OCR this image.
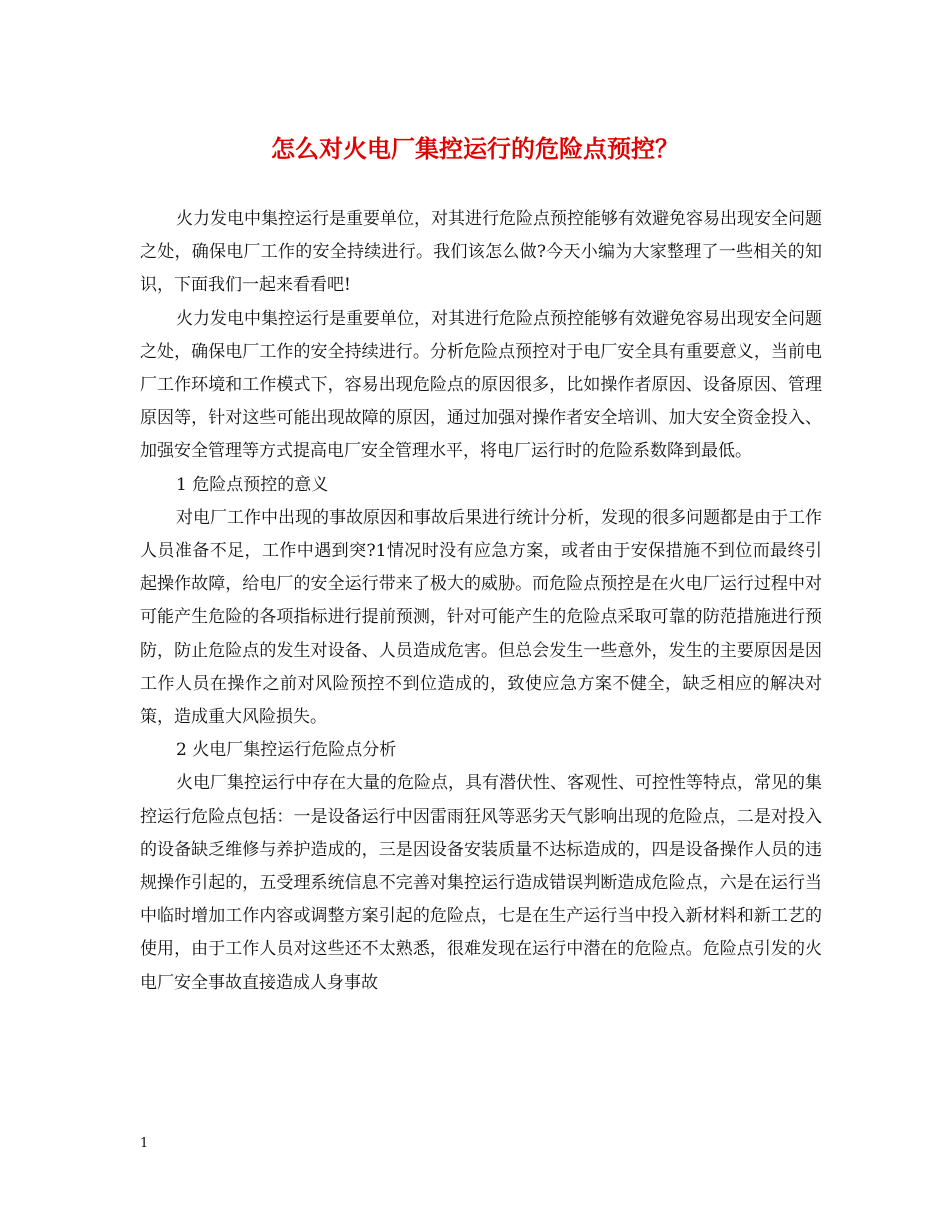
怎么对火电厂集控运行的危险点预控？

火力发电中集控运行是重要单位，对其进行危险点预控能够有效避免容易出现安全问题之处，确保电厂工作的安全持续进行。我们该怎么做?今天小编为大家整理了一些相关的知识，下面我们一起来看看吧!

火力发电中集控运行是重要单位，对其进行危险点预控能够有效避免容易出现安全问题之处，确保电厂工作的安全持续进行。分析危险点预控对于电厂安全具有重要意义，当前电厂工作环境和工作模式下，容易出现危险点的原因很多，比如操作者原因、设备原因、管理原因等，针对这些可能出现故障的原因，通过加强对操作者安全培训、加大安全资金投入、加强安全管理等方式提高电厂安全管理水平，将电厂运行时的危险系数降到最低。

1 危险点预控的意义

对电厂工作中出现的事故原因和事故后果进行统计分析，发现的很多问题都是由于工作人员准备不足，工作中遇到突?1情况时没有应急方案，或者由于安保措施不到位而最终引起操作故障，给电厂的安全运行带来了极大的威胁。而危险点预控是在火电厂运行过程中对可能产生危险的各项指标进行提前预测，针对可能产生的危险点采取可靠的防范措施进行预防，防止危险点的发生对设备、人员造成危害。但总会发生一些意外，发生的主要原因是因工作人员在操作之前对风险预控不到位造成的，致使应急方案不健全，缺乏相应的解决对策，造成重大风险损失。

2 火电厂集控运行危险点分析

火电厂集控运行中存在大量的危险点，具有潜伏性、客观性、可控性等特点，常见的集控运行危险点包括：一是设备运行中因雷雨狂风等恶劣天气影响出现的危险点，二是对投入的设备缺乏维修与养护造成的，三是因设备安装质量不达标造成的，四是设备操作人员的违规操作引起的，五受理系统信息不完善对集控运行造成错误判断造成危险点，六是在运行当中临时增加工作内容或调整方案引起的危险点，七是在生产运行当中投入新材料和新工艺的使用，由于工作人员对这些还不太熟悉，很难发现在运行中潜在的危险点。危险点引发的火电厂安全事故直接造成人身事故

1
